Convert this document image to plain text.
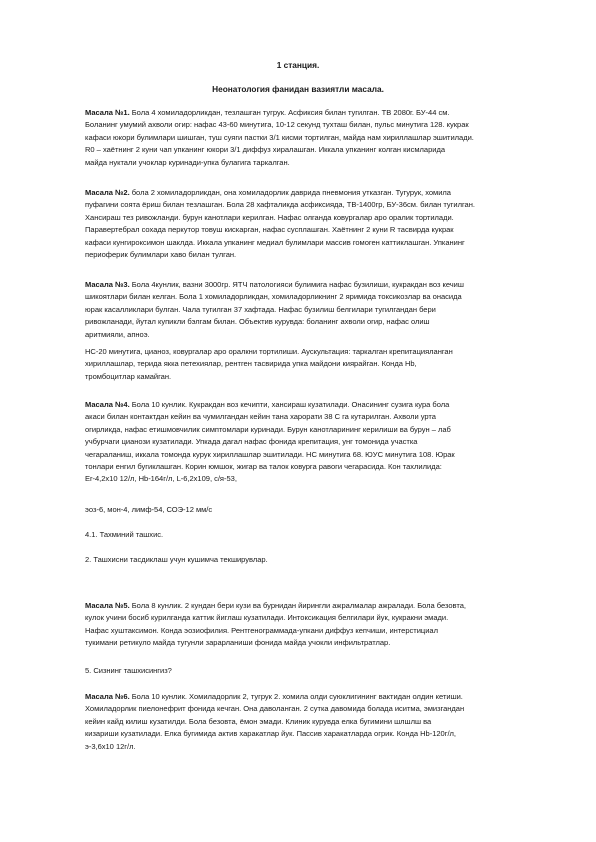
1 станция.
Неонатология фанидан вазиятли масала.
Масала №1. Бола 4 хомиладорликдан, тезлашган тугрук. Асфиксия билан тугилган. ТВ 2080г. БУ-44 см.
Боланинг умумий ахволи огир: нафас 43-60 минутига, 10-12 секунд тухташ билан, пульс минутига 128. кукрак
кафаси юкори булимлари шишган, туш суяги пастки 3/1 кисми тортилган, майда нам хириллашлар эшитилади.
R0 – хаётнинг 2 куни чап упканинг юкори 3/1 диффуз хиралашган. Иккала упканинг колган кисмларида
майда нуктали учоклар куринади-упка булагига таркалган.
Масала №2. бола 2 хомиладорликдан, она хомиладорлик даврида пневмония утказган. Тугурук, хомила
пуфагини соята ёриш билан тезлашган. Бола 28 хафталикда асфиксияда, ТВ-1400гр, БУ-36см. билан тугилган.
Хансираш тез ривожланди. бурун канотлари керилган. Нафас олганда ковургалар аро оралик тортилади.
Паравертебрал сохада перкутор товуш кискарган, нафас сусплашган. Хаётнинг 2 куни R тасвирда кукрак
кафаси кунгироксимон шаклда. Иккала упканинг медиал булимлари массив гомоген каттиклашган. Упканинг
периоферик булимлари хаво билан тулган.
Масала №3. Бола 4кунлик, вазни 3000гр. ЯТЧ патологияси булимига нафас бузилиши, кукракдан воз кечиш
шикоятлари билан келган. Бола 1 хомиладорликдан, хомиладорликнинг 2 яримида токсикозлар ва онасида
юрак касалликлари булган. Чала тугилган 37 хафтада. Нафас бузилиш белгилари тугилгандан бери
ривожланади, йутал купикли бэлгам билан. Объектив курувда: боланинг ахволи огир, нафас олиш
аритмияли, апноэ.
НС-20 минутига, цианоз, ковургалар аро оралкни тортилиши. Аускультация: таркалган крепитацияланган
хириллашлар, терида якка петехиялар, рентген тасвирида упка майдони киярайган. Конда Нb,
тромбоцитлар камайган.
Масала №4. Бола 10 кунлик. Кукракдан воз кечипти, хансираш кузатилади. Онасининг сузига кура бола
акаси билан контактдан кейин ва чумилгандан кейин тана харорати 38 С га кутарилган. Ахволи урта
огирликда, нафас етишмовчилик симптомлари куринади. Бурун канотларининг керилиши ва бурун – лаб
учбурчаги цианози кузатилади. Упкада дагал нафас фонида крепитация, унг томонида участка
чегараланиш, иккала томонда курук хириллашлар эшитилади. НС минутига 68. ЮУС минутига 108. Юрак
тонлари енгил бугиклашган. Корин юмшок, жигар ва талок ковурга равоги чегарасида. Кон тахлилида:
Er-4,2х10 12/л, Hb-164г/л, L-6,2х109, с/я-53,
эоз-6, мон-4, лимф-54, СОЭ-12 мм/с
4.1. Тахминий ташхис.
2. Ташхисни тасдиклаш учун кушимча текширувлар.
Масала №5. Бола 8 кунлик. 2 кундан бери кузи ва бурнидан йирингли ажралмалар ажралади. Бола безовта,
кулок учини босиб курилганда каттик йиглаш кузатилади. Интоксикация белгилари йук, кукракни эмади.
Нафас хуштаксимон. Конда эозиофилия. Рентгенограммада-упкани диффуз кепчиши, интерстициал
тукимани ретикуло майда тугунли зарарланиши фонида майда учокли инфильтратлар.
5. Сизнинг ташхисингиз?
Масала №6. Бола 10 кунлик. Хомиладорлик 2, тугрук 2. хомила олди суюклигининг вактидан олдин кетиши.
Хомиладорлик пиелонефрит фонида кечган. Она даволанган. 2 сутка давомида болада иситма, эмизгандан
кейин кайд килиш кузатилди. Бола безовта, ёмон эмади. Клиник курувда елка бугимини шлшлш ва
кизариши кузатилади. Елка бугимида актив харакатлар йук. Пассив харакатларда огрик. Конда Hb-120г/л,
э-3,6х10 12г/л.
